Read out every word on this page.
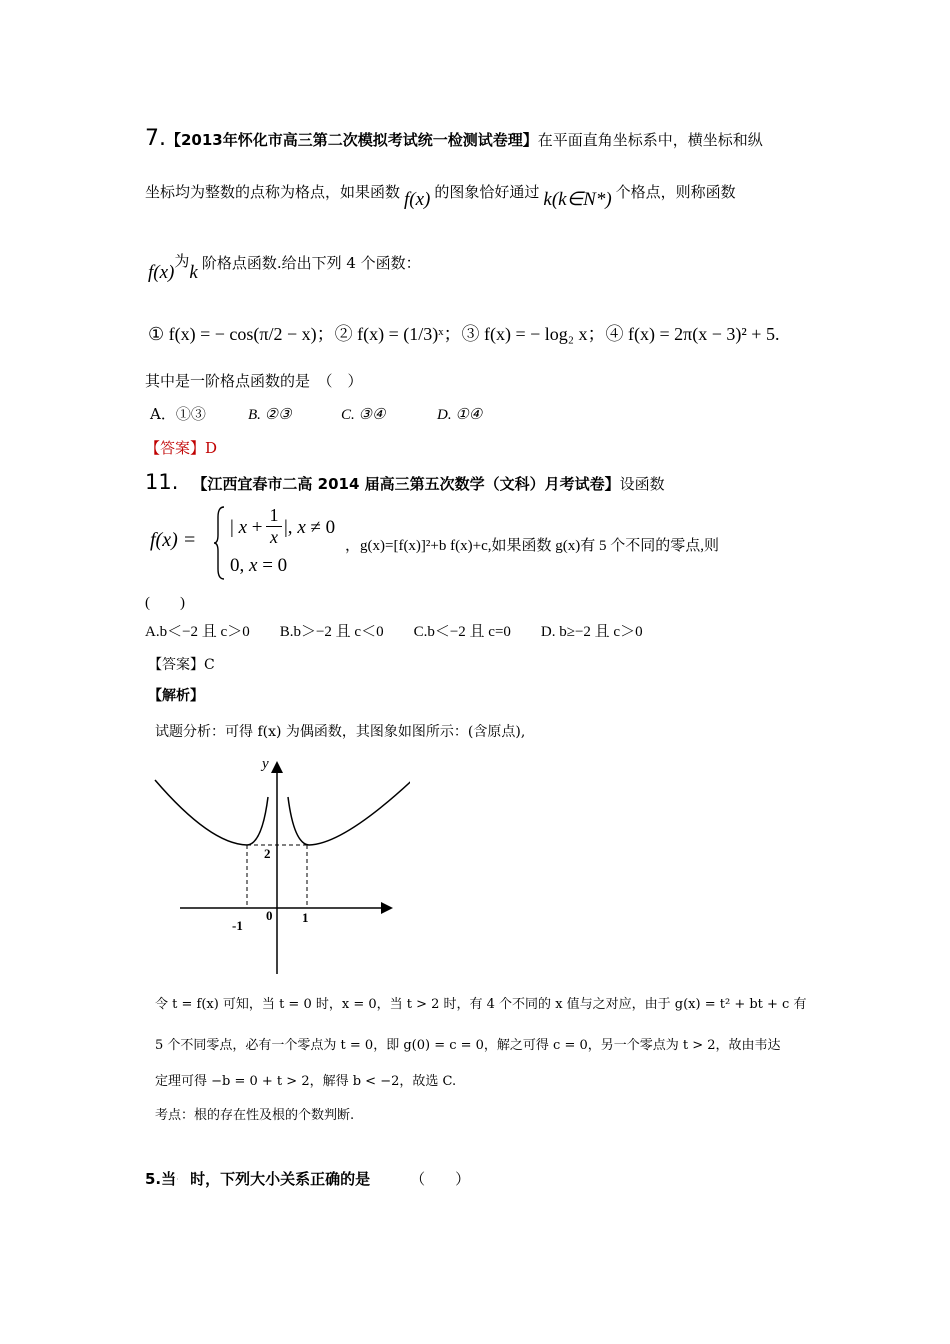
7.【2013年怀化市高三第二次模拟考试统一检测试卷理】在平面直角坐标系中，横坐标和纵
坐标均为整数的点称为格点，如果函数 f(x) 的图象恰好通过 k(k∈N*) 个格点，则称函数
f(x)为k 阶格点函数.给出下列 4 个函数：
① f(x) = − cos(π/2 − x)；② f(x) = (1/3)ˣ；③ f(x) = − log₂ x；④ f(x) = 2π(x − 3)² + 5.
其中是一阶格点函数的是　（　）
A．①③	B. ②③	C. ③④	D. ①④
【答案】D
11. 【江西宜春市二高 2014 届高三第五次数学（文科）月考试卷】设函数
f(x) =
| x +
1

x |, x ≠ 0
0, x = 0
，g(x)=[f(x)]²+b f(x)+c,如果函数 g(x)有 5 个不同的零点,则
(　　)
A.b＜−2 且 c＞0　　B.b＞−2 且 c＜0　　C.b＜−2 且 c=0　　D. b≥−2 且 c＞0
【答案】C
【解析】
试题分析：可得 f(x) 为偶函数，其图象如图所示：(含原点),
y
2
0
-1
1
令 t = f(x) 可知，当 t = 0 时，x = 0，当 t > 2 时，有 4 个不同的 x 值与之对应，由于 g(x) = t² + bt + c 有
5 个不同零点，必有一个零点为 t = 0，即 g(0) = c = 0，解之可得 c = 0，另一个零点为 t > 2，故由韦达
定理可得 −b = 0 + t > 2，解得 b < −2，故选 C.
考点：根的存在性及根的个数判断.
5.当· 时，下列大小关系正确的是	（　　）
